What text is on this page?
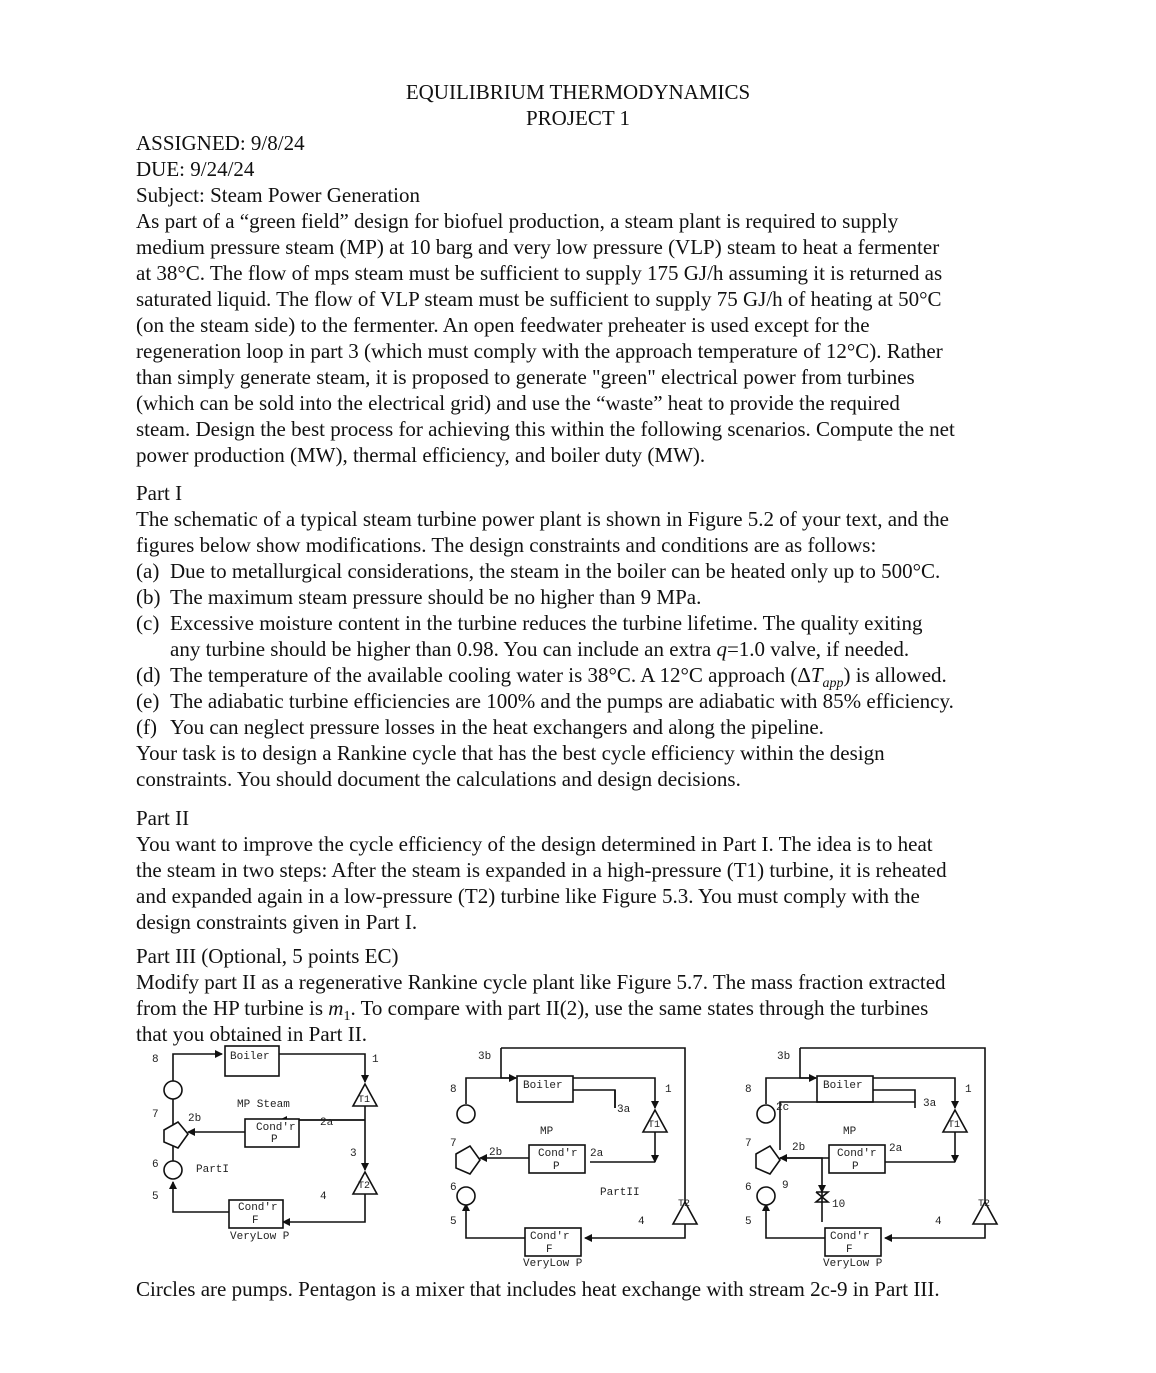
EQUILIBRIUM THERMODYNAMICS
PROJECT 1
ASSIGNED: 9/8/24
DUE: 9/24/24
Subject: Steam Power Generation
As part of a “green field” design for biofuel production, a steam plant is required to supply
medium pressure steam (MP) at 10 barg and very low pressure (VLP) steam to heat a fermenter
at 38°C. The flow of mps steam must be sufficient to supply 175 GJ/h assuming it is returned as
saturated liquid. The flow of VLP steam must be sufficient to supply 75 GJ/h of heating at 50°C
(on the steam side) to the fermenter. An open feedwater preheater is used except for the
regeneration loop in part 3 (which must comply with the approach temperature of 12°C). Rather
than simply generate steam, it is proposed to generate "green" electrical power from turbines
(which can be sold into the electrical grid) and use the “waste” heat to provide the required
steam. Design the best process for achieving this within the following scenarios. Compute the net
power production (MW), thermal efficiency, and boiler duty (MW).
Part I
The schematic of a typical steam turbine power plant is shown in Figure 5.2 of your text, and the
figures below show modifications. The design constraints and conditions are as follows:
(a) Due to metallurgical considerations, the steam in the boiler can be heated only up to 500°C.
(b) The maximum steam pressure should be no higher than 9 MPa.
(c) Excessive moisture content in the turbine reduces the turbine lifetime. The quality exiting
any turbine should be higher than 0.98. You can include an extra q=1.0 valve, if needed.
(d) The temperature of the available cooling water is 38°C. A 12°C approach $(\Delta T_{app})$ is allowed.
(e) The adiabatic turbine efficiencies are 100% and the pumps are adiabatic with 85% efficiency.
(f) You can neglect pressure losses in the heat exchangers and along the pipeline.
Your task is to design a Rankine cycle that has the best cycle efficiency within the design
constraints. You should document the calculations and design decisions.
Part II
You want to improve the cycle efficiency of the design determined in Part I. The idea is to heat
the steam in two steps: After the steam is expanded in a high-pressure (T1) turbine, it is reheated
and expanded again in a low-pressure (T2) turbine like Figure 5.3. You must comply with the
design constraints given in Part I.
Part III (Optional, 5 points EC)
Modify part II as a regenerative Rankine cycle plant like Figure 5.7. The mass fraction extracted
from the HP turbine is $m_1$. To compare with part II(2), use the same states through the turbines
that you obtained in Part II.
Boiler	1
8
T1
MP Steam
2a
2b
7
Cond'r
P
3
T2
6	PartI
5	4
Cond'r
F
VeryLow P
3b
Boiler
8	1
3a
T1
MP
7
2b	Cond'r
P
2a
6	PartII
T2
5	4
Cond'r
F
VeryLow P
3b
Boiler
8	1
2c	3a
T1
MP
7	2b	2a
Cond'r
P
9
6
10	T2
5	4
Cond'r
F
VeryLow P
Circles are pumps. Pentagon is a mixer that includes heat exchange with stream 2c-9 in Part III.
